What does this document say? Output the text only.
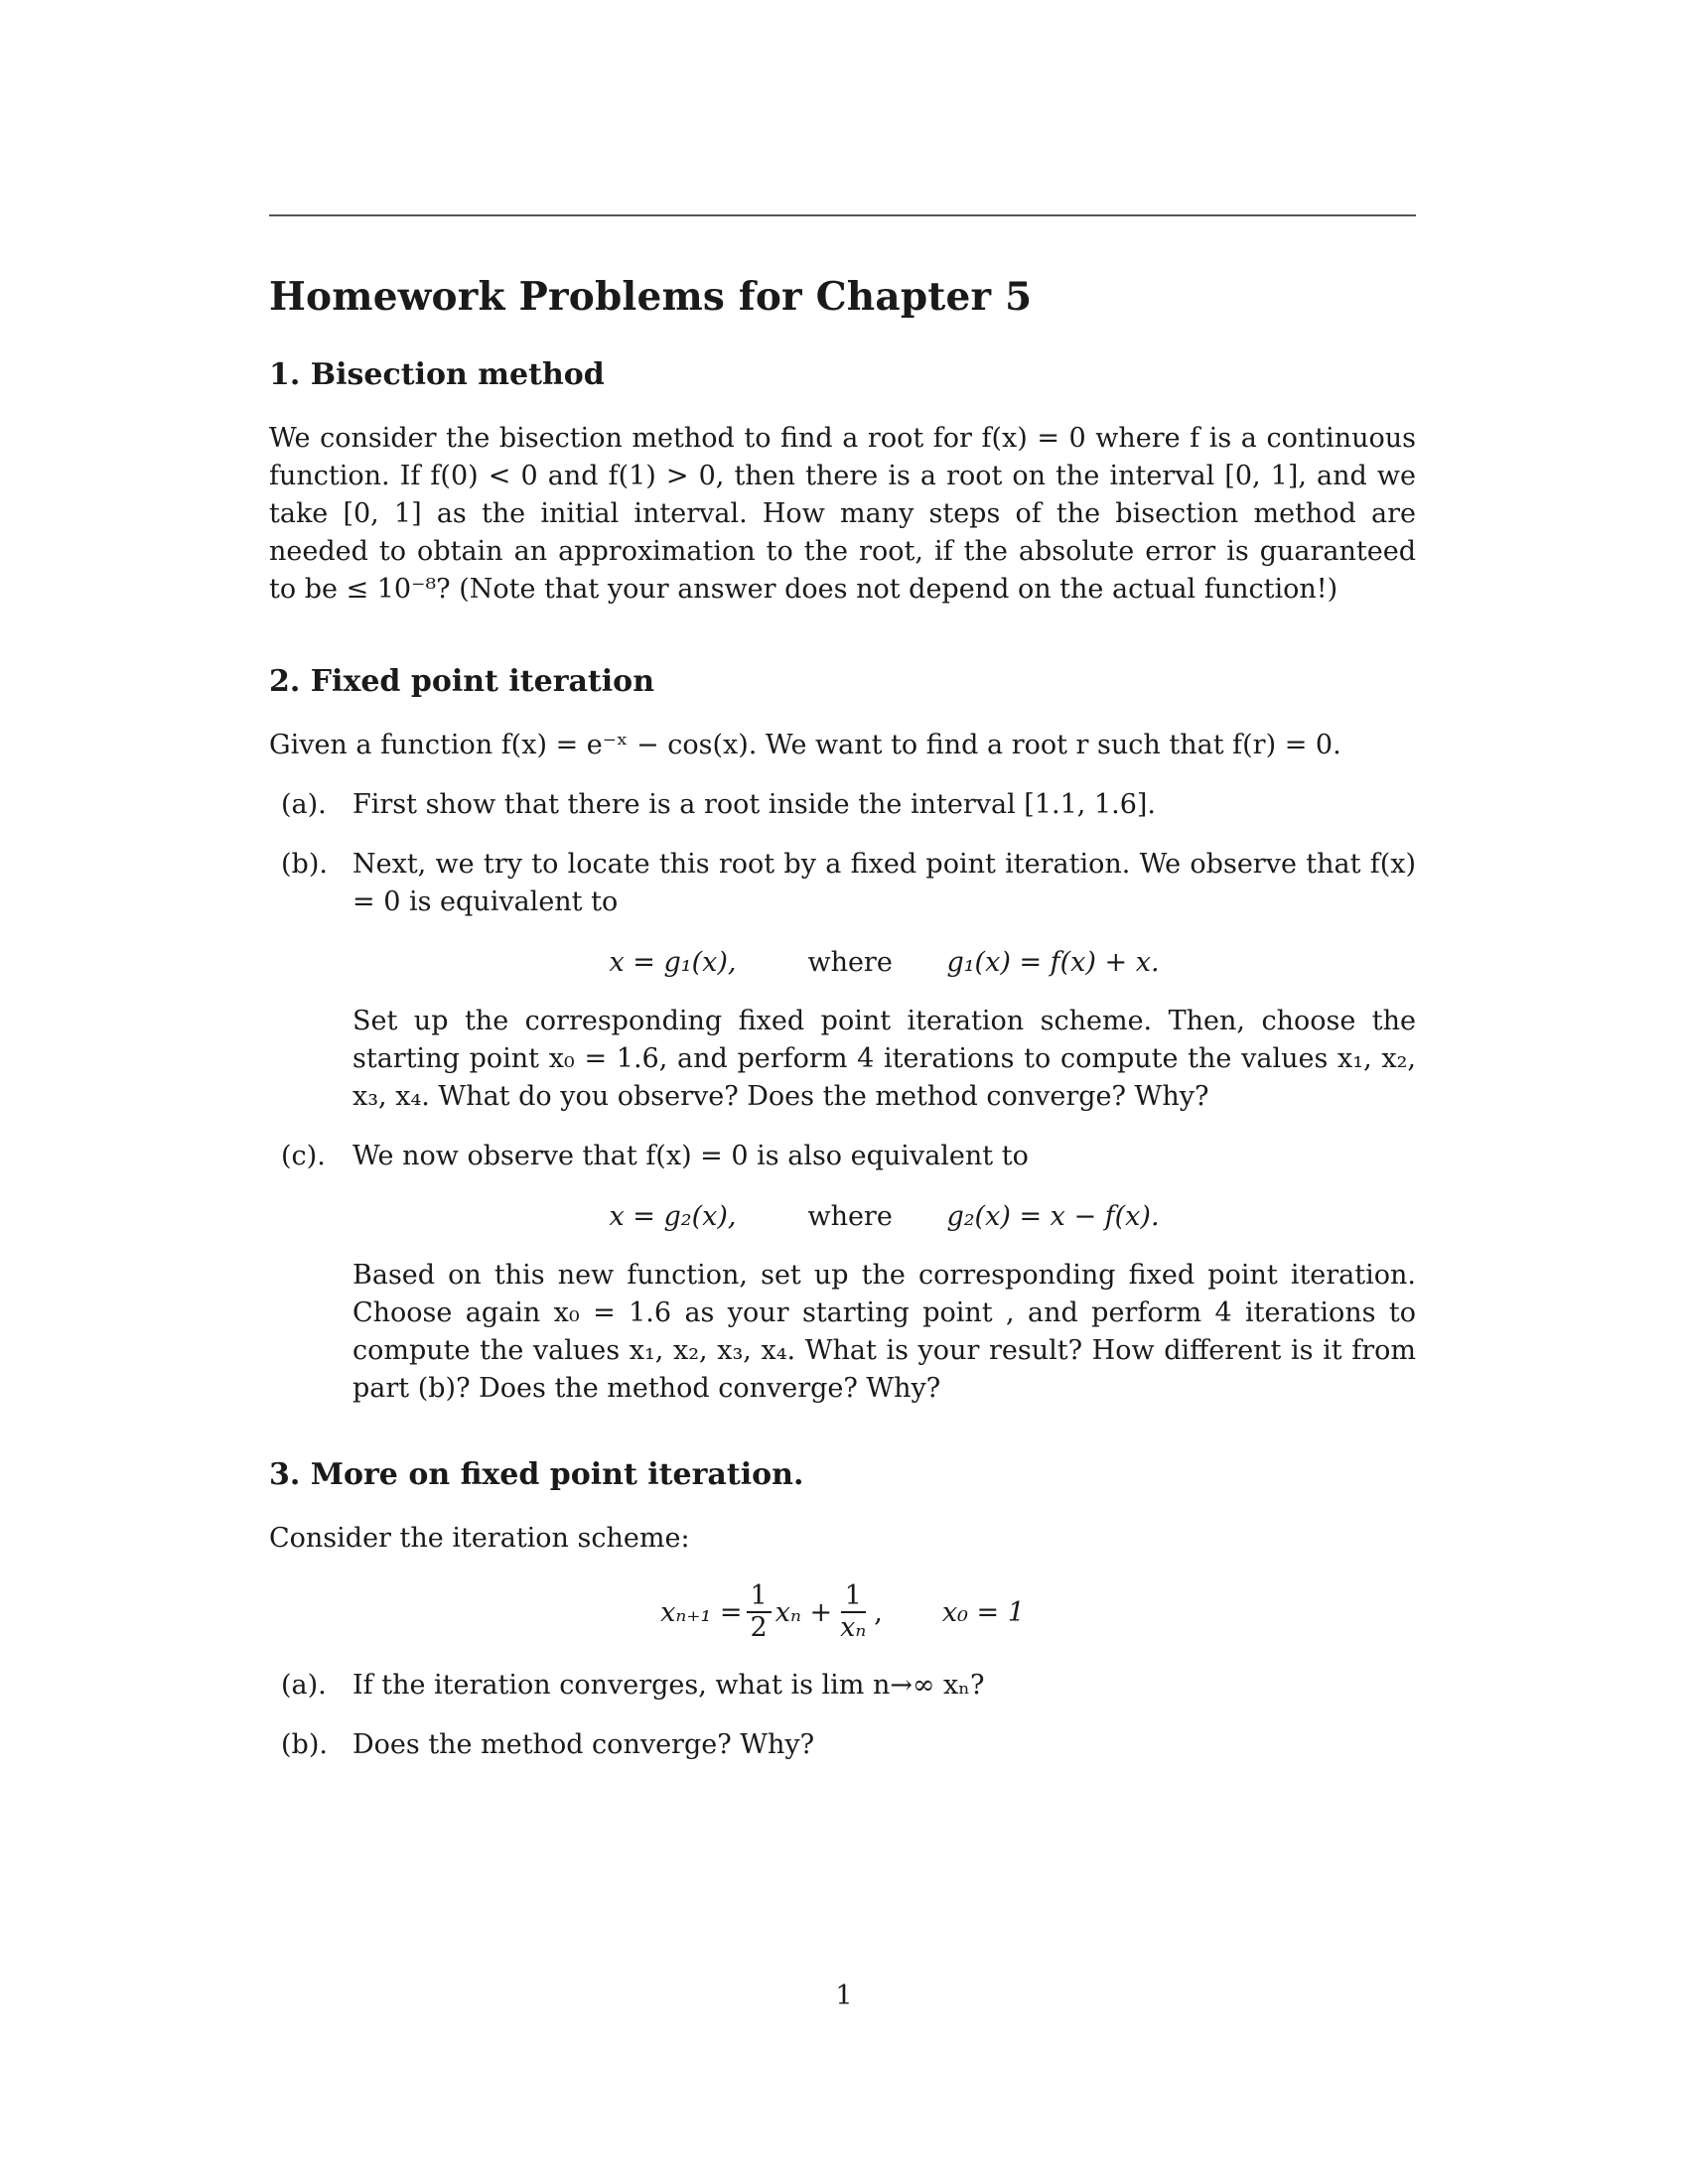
Homework Problems for Chapter 5
1. Bisection method

We consider the bisection method to find a root for f(x) = 0 where f is a continuous function. If f(0) < 0 and f(1) > 0, then there is a root on the interval [0, 1], and we take [0, 1] as the initial interval. How many steps of the bisection method are needed to obtain an approximation to the root, if the absolute error is guaranteed to be ≤ 10⁻⁸? (Note that your answer does not depend on the actual function!)

2. Fixed point iteration

Given a function f(x) = e⁻ˣ − cos(x). We want to find a root r such that f(r) = 0.

(a). First show that there is a root inside the interval [1.1, 1.6].

(b). Next, we try to locate this root by a fixed point iteration. We observe that f(x) = 0 is equivalent to

x = g₁(x),	where	g₁(x) = f(x) + x.

Set up the corresponding fixed point iteration scheme. Then, choose the starting point x₀ = 1.6, and perform 4 iterations to compute the values x₁, x₂, x₃, x₄. What do you observe? Does the method converge? Why?

(c).	We now observe that f(x) = 0 is also equivalent to

x = g₂(x),	where	g₂(x) = x − f(x).

Based on this new function, set up the corresponding fixed point iteration. Choose again x₀ = 1.6 as your starting point , and perform 4 iterations to compute the values x₁, x₂, x₃, x₄. What is your result? How different is it from part (b)? Does the method converge? Why?

3. More on fixed point iteration.

Consider the iteration scheme:

$x_{n+1} = \frac{1}{2}$ $x_n + \frac{1}{\text{xₙ}}$ , x₀ = 1
(a). If the iteration converges, what is lim n→∞ xₙ?

(b). Does the method converge? Why?

1
